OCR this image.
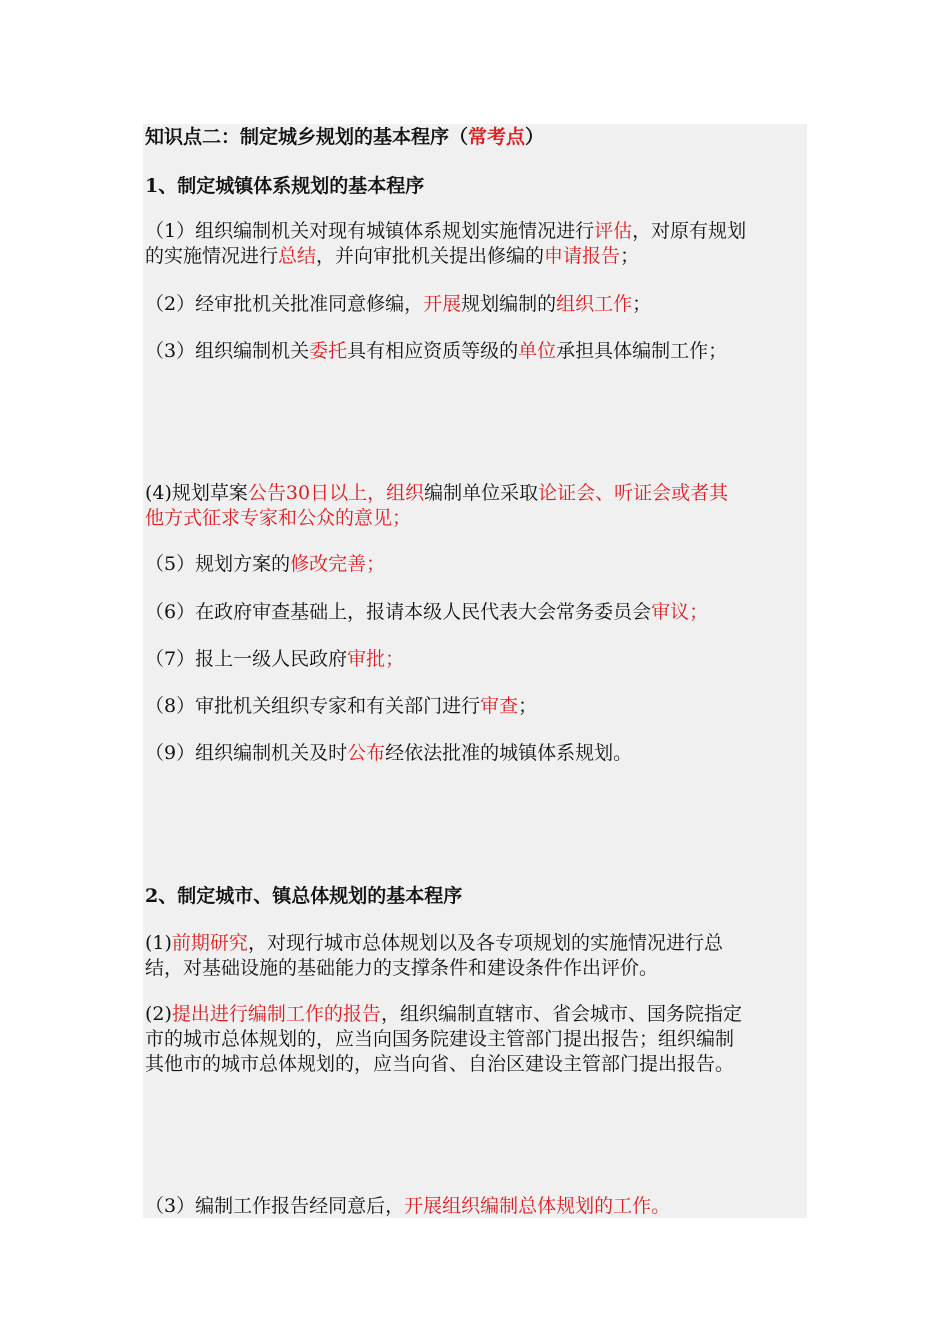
知识点二：制定城乡规划的基本程序（常考点）
1、制定城镇体系规划的基本程序
（1）组织编制机关对现有城镇体系规划实施情况进行评估，对原有规划
的实施情况进行总结，并向审批机关提出修编的申请报告；
（2）经审批机关批准同意修编，开展规划编制的组织工作；
（3）组织编制机关委托具有相应资质等级的单位承担具体编制工作；
(4)规划草案公告30日以上，组织编制单位采取论证会、听证会或者其
他方式征求专家和公众的意见；
（5）规划方案的修改完善；
（6）在政府审查基础上，报请本级人民代表大会常务委员会审议；
（7）报上一级人民政府审批；
（8）审批机关组织专家和有关部门进行审查；
（9）组织编制机关及时公布经依法批准的城镇体系规划。
2、制定城市、镇总体规划的基本程序
(1)前期研究，对现行城市总体规划以及各专项规划的实施情况进行总
结，对基础设施的基础能力的支撑条件和建设条件作出评价。
(2)提出进行编制工作的报告，组织编制直辖市、省会城市、国务院指定
市的城市总体规划的，应当向国务院建设主管部门提出报告；组织编制
其他市的城市总体规划的，应当向省、自治区建设主管部门提出报告。
（3）编制工作报告经同意后，开展组织编制总体规划的工作。
